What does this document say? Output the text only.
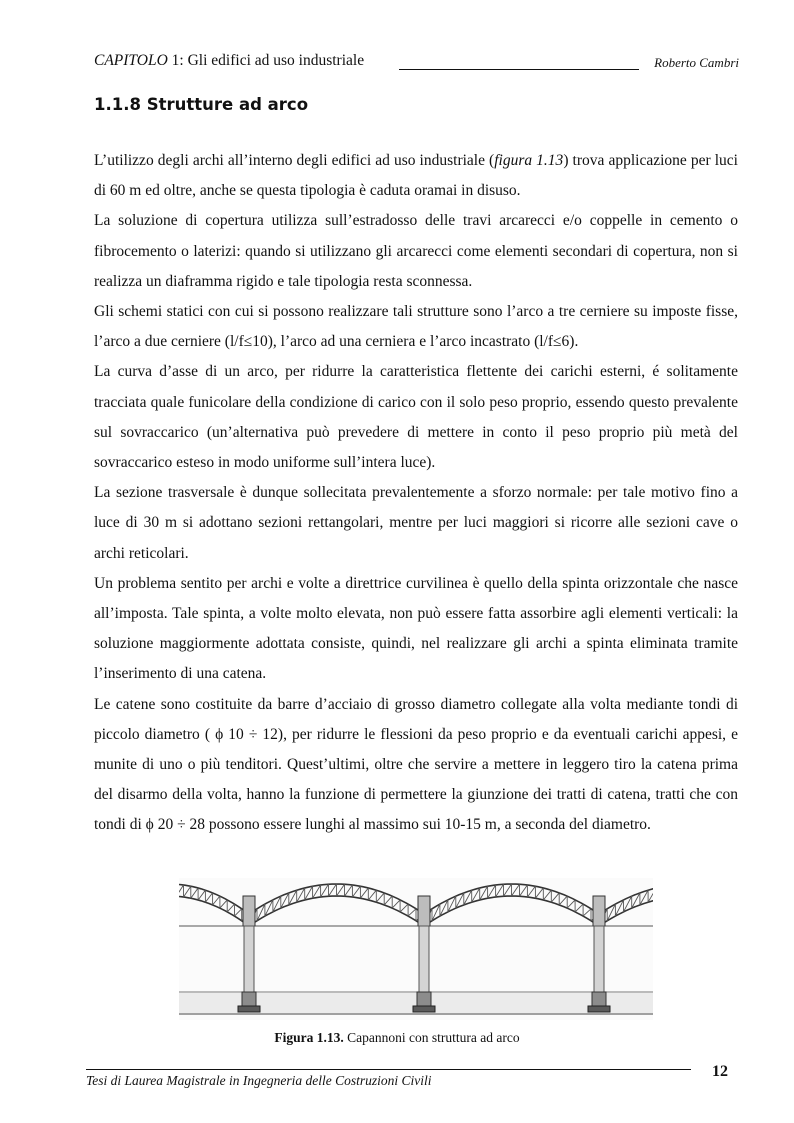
CAPITOLO 1: Gli edifici ad uso industriale	Roberto Cambri
1.1.8 Strutture ad arco

L’utilizzo degli archi all’interno degli edifici ad uso industriale (figura 1.13) trova applicazione per luci di 60 m ed oltre, anche se questa tipologia è caduta oramai in disuso.

La soluzione di copertura utilizza sull’estradosso delle travi arcarecci e/o coppelle in cemento o fibrocemento o laterizi: quando si utilizzano gli arcarecci come elementi secondari di copertura, non si realizza un diaframma rigido e tale tipologia resta sconnessa.

Gli schemi statici con cui si possono realizzare tali strutture sono l’arco a tre cerniere su imposte fisse, l’arco a due cerniere (l/f≤10), l’arco ad una cerniera e l’arco incastrato (l/f≤6).

La curva d’asse di un arco, per ridurre la caratteristica flettente dei carichi esterni, é solitamente tracciata quale funicolare della condizione di carico con il solo peso proprio, essendo questo prevalente sul sovraccarico (un’alternativa può prevedere di mettere in conto il peso proprio più metà del sovraccarico esteso in modo uniforme sull’intera luce).

La sezione trasversale è dunque sollecitata prevalentemente a sforzo normale: per tale motivo fino a luce di 30 m si adottano sezioni rettangolari, mentre per luci maggiori si ricorre alle sezioni cave o archi reticolari.

Un problema sentito per archi e volte a direttrice curvilinea è quello della spinta orizzontale che nasce all’imposta. Tale spinta, a volte molto elevata, non può essere fatta assorbire agli elementi verticali: la soluzione maggiormente adottata consiste, quindi, nel realizzare gli archi a spinta eliminata tramite l’inserimento di una catena.

Le catene sono costituite da barre d’acciaio di grosso diametro collegate alla volta mediante tondi di piccolo diametro ( ϕ 10 ÷ 12), per ridurre le flessioni da peso proprio e da eventuali carichi appesi, e munite di uno o più tenditori. Quest’ultimi, oltre che servire a mettere in leggero tiro la catena prima del disarmo della volta, hanno la funzione di permettere la giunzione dei tratti di catena, tratti che con tondi di ϕ 20 ÷ 28 possono essere lunghi al massimo sui 10-15 m, a seconda del diametro.

Figura 1.13. Capannoni con struttura ad arco
Tesi di Laurea Magistrale in Ingegneria delle Costruzioni Civili
12
